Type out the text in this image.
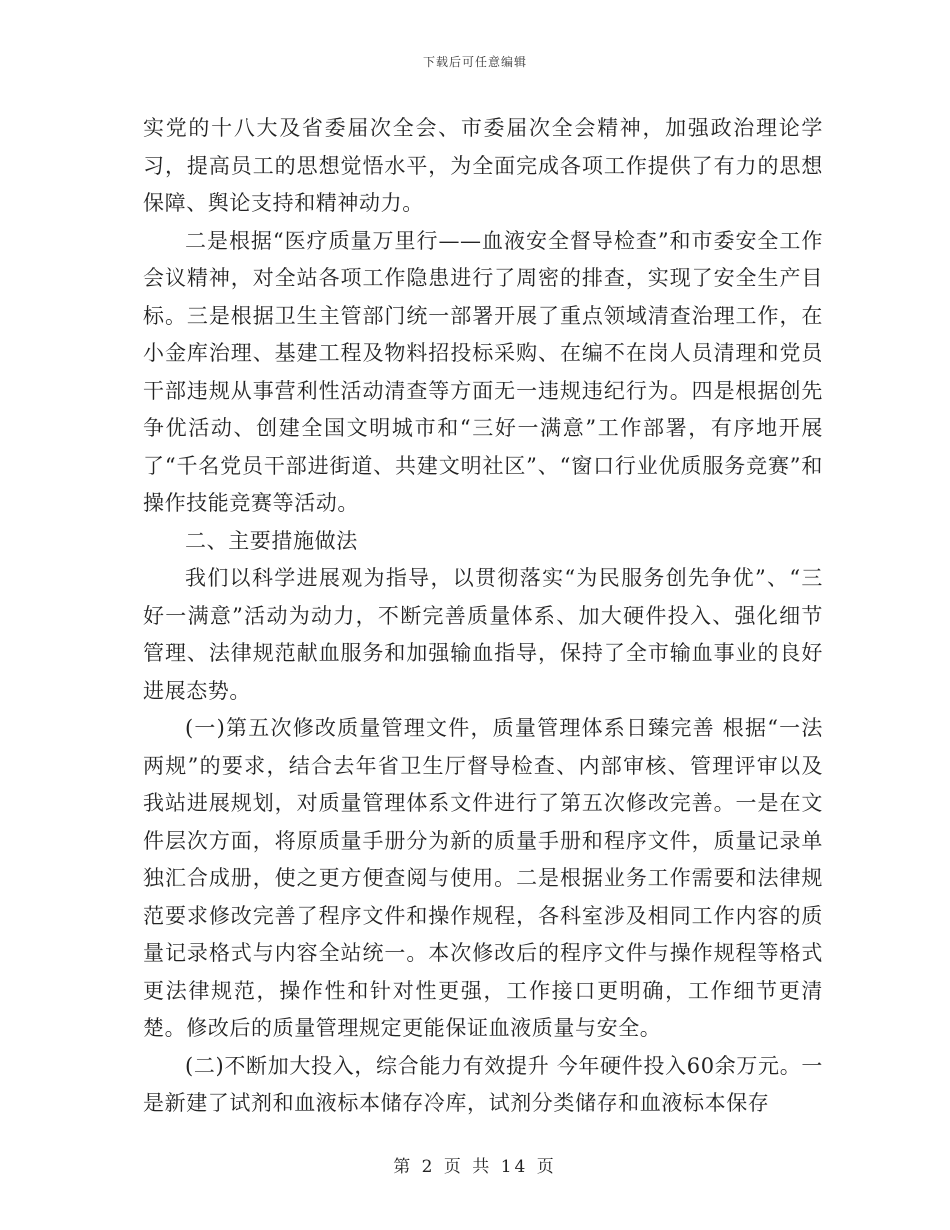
下载后可任意编辑

实党的十八大及省委届次全会、市委届次全会精神，加强政治理论学习，提高员工的思想觉悟水平，为全面完成各项工作提供了有力的思想保障、舆论支持和精神动力。

二是根据“医疗质量万里行——血液安全督导检查”和市委安全工作会议精神，对全站各项工作隐患进行了周密的排查，实现了安全生产目标。三是根据卫生主管部门统一部署开展了重点领域清查治理工作，在小金库治理、基建工程及物料招投标采购、在编不在岗人员清理和党员干部违规从事营利性活动清查等方面无一违规违纪行为。四是根据创先争优活动、创建全国文明城市和“三好一满意”工作部署，有序地开展了“千名党员干部进街道、共建文明社区”、“窗口行业优质服务竞赛”和操作技能竞赛等活动。

二、主要措施做法

我们以科学进展观为指导，以贯彻落实“为民服务创先争优”、“三好一满意”活动为动力，不断完善质量体系、加大硬件投入、强化细节管理、法律规范献血服务和加强输血指导，保持了全市输血事业的良好进展态势。

(一)第五次修改质量管理文件，质量管理体系日臻完善 根据“一法两规”的要求，结合去年省卫生厅督导检查、内部审核、管理评审以及我站进展规划，对质量管理体系文件进行了第五次修改完善。一是在文件层次方面，将原质量手册分为新的质量手册和程序文件，质量记录单独汇合成册，使之更方便查阅与使用。二是根据业务工作需要和法律规范要求修改完善了程序文件和操作规程，各科室涉及相同工作内容的质量记录格式与内容全站统一。本次修改后的程序文件与操作规程等格式更法律规范，操作性和针对性更强，工作接口更明确，工作细节更清楚。修改后的质量管理规定更能保证血液质量与安全。

(二)不断加大投入，综合能力有效提升 今年硬件投入60余万元。一是新建了试剂和血液标本储存冷库，试剂分类储存和血液标本保存

第 2 页 共 14 页
